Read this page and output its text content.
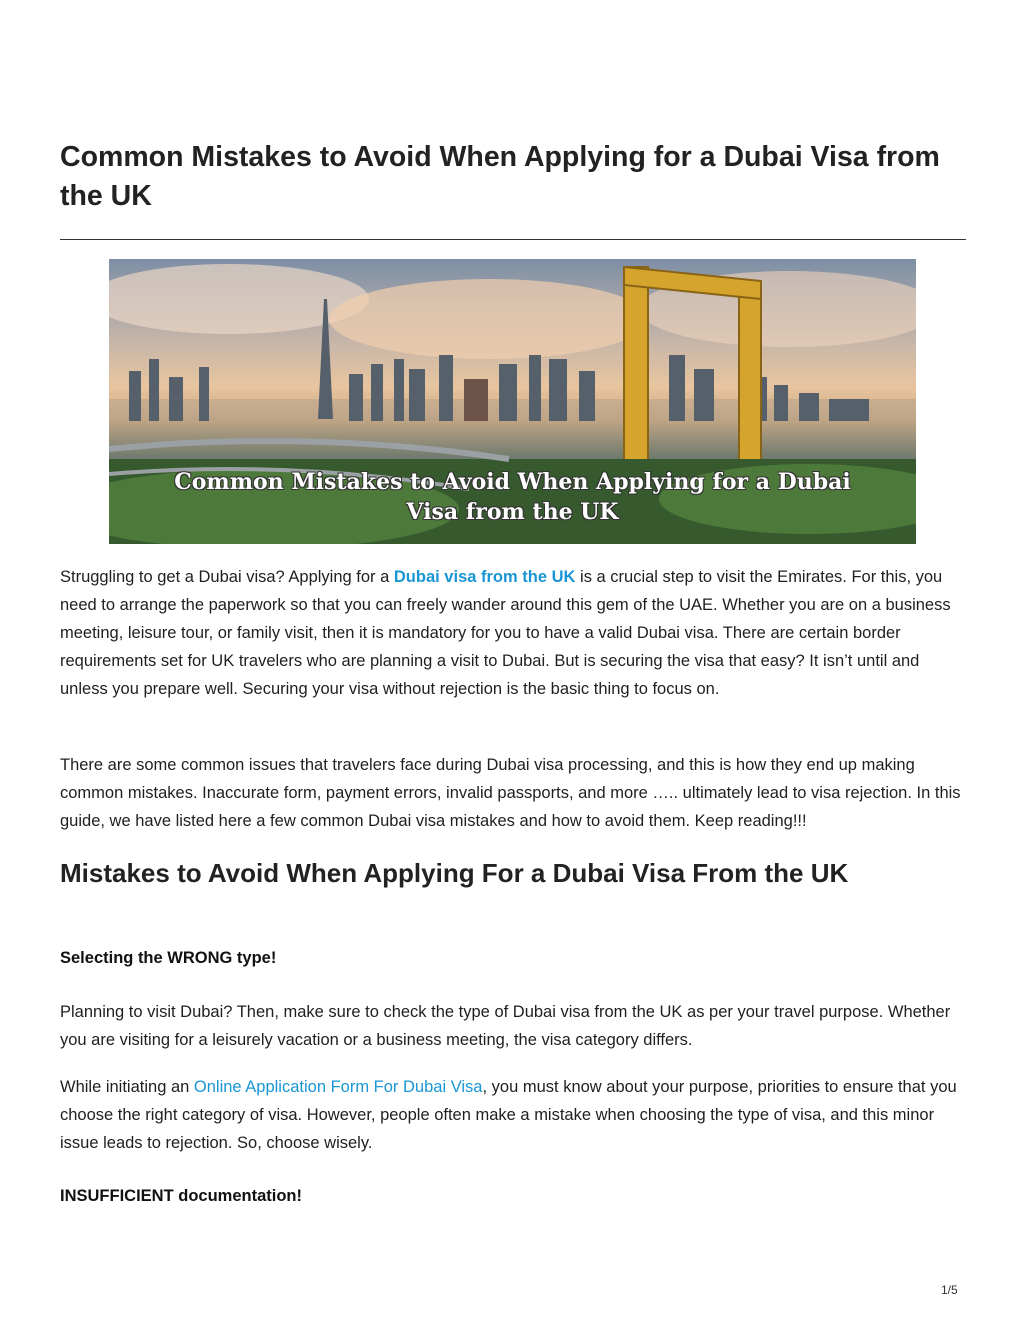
Common Mistakes to Avoid When Applying for a Dubai Visa from the UK
Common Mistakes to Avoid When Applying for a Dubai
Visa from the UK

Struggling to get a Dubai visa? Applying for a Dubai visa from the UK is a crucial step to visit the Emirates. For this, you need to arrange the paperwork so that you can freely wander around this gem of the UAE. Whether you are on a business meeting, leisure tour, or family visit, then it is mandatory for you to have a valid Dubai visa. There are certain border requirements set for UK travelers who are planning a visit to Dubai. But is securing the visa that easy? It isn’t until and unless you prepare well. Securing your visa without rejection is the basic thing to focus on.

There are some common issues that travelers face during Dubai visa processing, and this is how they end up making common mistakes. Inaccurate form, payment errors, invalid passports, and more ….. ultimately lead to visa rejection. In this guide, we have listed here a few common Dubai visa mistakes and how to avoid them. Keep reading!!!

Mistakes to Avoid When Applying For a Dubai Visa From the UK
Selecting the WRONG type!

Planning to visit Dubai? Then, make sure to check the type of Dubai visa from the UK as per your travel purpose. Whether you are visiting for a leisurely vacation or a business meeting, the visa category differs.

While initiating an Online Application Form For Dubai Visa, you must know about your purpose, priorities to ensure that you choose the right category of visa. However, people often make a mistake when choosing the type of visa, and this minor issue leads to rejection. So, choose wisely.

INSUFFICIENT documentation!
1/5
